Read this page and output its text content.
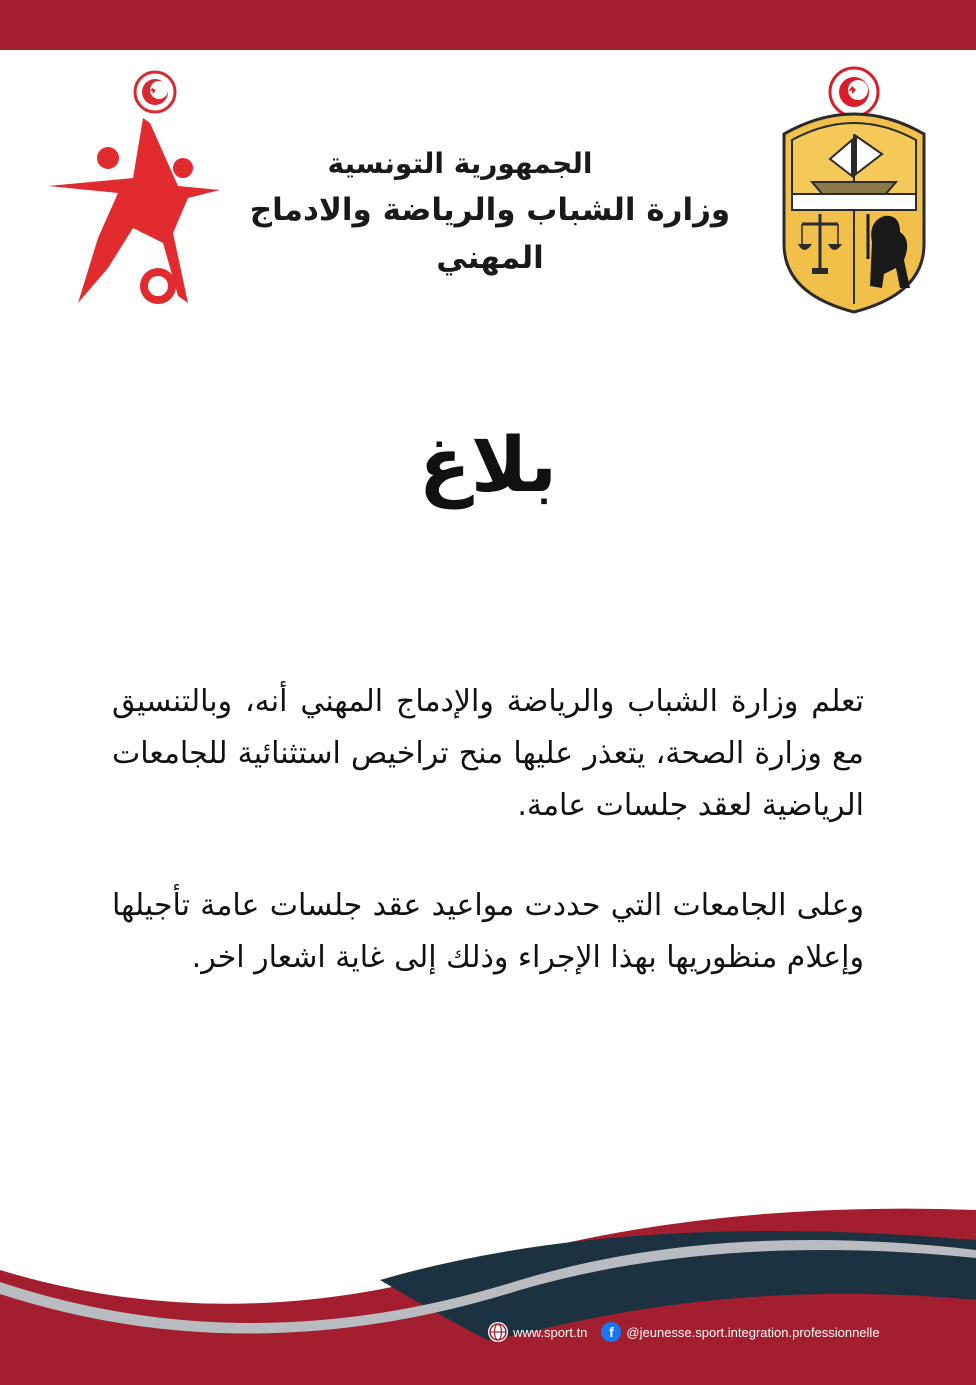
الجمهورية التونسية
وزارة الشباب والرياضة والادماج المهني
بلاغ
تعلم وزارة الشباب والرياضة والإدماج المهني أنه، وبالتنسيق مع وزارة الصحة، يتعذر عليها منح تراخيص استثنائية للجامعات الرياضية لعقد جلسات عامة.
وعلى الجامعات التي حددت مواعيد عقد جلسات عامة تأجيلها وإعلام منظوريها بهذا الإجراء وذلك إلى غاية اشعار اخر.
www.sport.tn	f @jeunesse.sport.integration.professionnelle
